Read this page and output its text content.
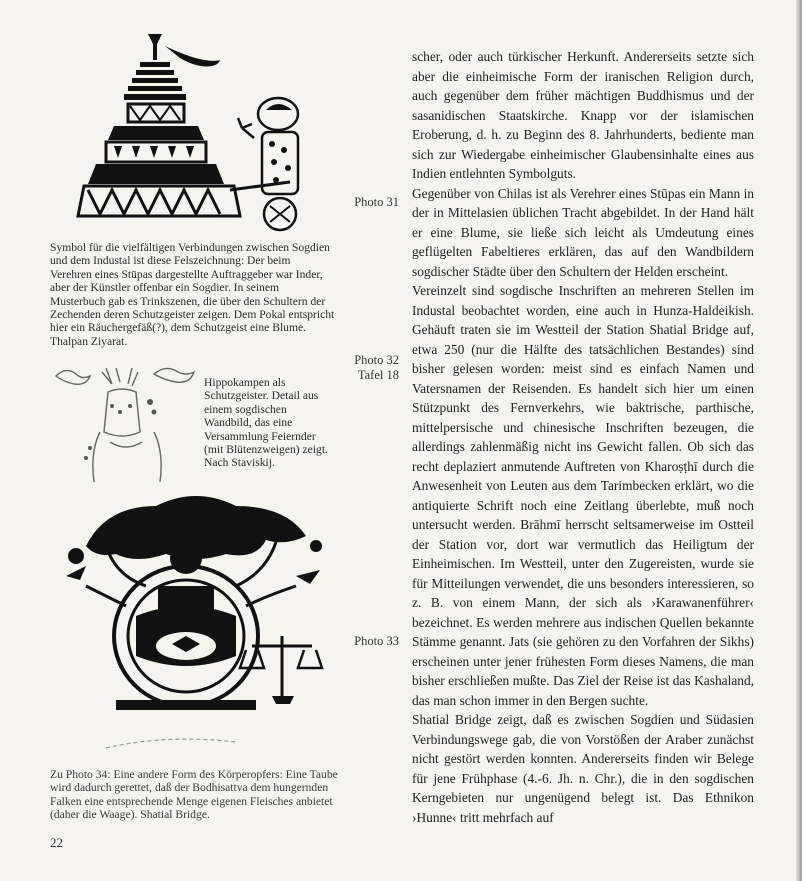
Symbol für die vielfältigen Verbindungen zwischen Sogdien und dem Industal ist diese Felszeichnung: Der beim Verehren eines Stūpas dargestellte Auftraggeber war Inder, aber der Künstler offenbar ein Sogdier. In seinem Musterbuch gab es Trinkszenen, die über den Schultern der Zechenden deren Schutzgeister zeigen. Dem Pokal entspricht hier ein Räuchergefäß(?), dem Schutzgeist eine Blume. Thalpan Ziyarat.
Hippokampen als Schutzgeister. Detail aus einem sogdischen Wandbild, das eine Versammlung Feiernder (mit Blütenzweigen) zeigt. Nach Staviskij.
Zu Photo 34: Eine andere Form des Körperopfers: Eine Taube wird dadurch gerettet, daß der Bodhisattva dem hungernden Falken eine entsprechende Menge eigenen Fleisches anbietet (daher die Waage). Shatial Bridge.
22
Photo 31
Photo 32
Tafel 18
Photo 33

scher, oder auch türkischer Herkunft. Andererseits setzte sich aber die einheimische Form der iranischen Religion durch, auch gegenüber dem früher mächtigen Buddhismus und der sasanidischen Staatskirche. Knapp vor der islamischen Eroberung, d. h. zu Beginn des 8. Jahrhunderts, bediente man sich zur Wiedergabe einheimischer Glaubensinhalte eines aus Indien entlehnten Symbolguts.

Gegenüber von Chilas ist als Verehrer eines Stūpas ein Mann in der in Mittelasien üblichen Tracht abgebildet. In der Hand hält er eine Blume, sie ließe sich leicht als Umdeutung eines geflügelten Fabeltieres erklären, das auf den Wandbildern sogdischer Städte über den Schultern der Helden erscheint.

Vereinzelt sind sogdische Inschriften an mehreren Stellen im Industal beobachtet worden, eine auch in Hunza-Haldeikish. Gehäuft traten sie im Westteil der Station Shatial Bridge auf, etwa 250 (nur die Hälfte des tatsächlichen Bestandes) sind bisher gelesen worden: meist sind es einfach Namen und Vatersnamen der Reisenden. Es handelt sich hier um einen Stützpunkt des Fernverkehrs, wie baktrische, parthische, mittelpersische und chinesische Inschriften bezeugen, die allerdings zahlenmäßig nicht ins Gewicht fallen. Ob sich das recht deplaziert anmutende Auftreten von Kharoṣṭhī durch die Anwesenheit von Leuten aus dem Tarimbecken erklärt, wo die antiquierte Schrift noch eine Zeitlang überlebte, muß noch untersucht werden. Brāhmī herrscht seltsamerweise im Ostteil der Station vor, dort war vermutlich das Heiligtum der Einheimischen. Im Westteil, unter den Zugereisten, wurde sie für Mitteilungen verwendet, die uns besonders interessieren, so z. B. von einem Mann, der sich als ›Karawanenführer‹ bezeichnet. Es werden mehrere aus indischen Quellen bekannte Stämme genannt. Jats (sie gehören zu den Vorfahren der Sikhs) erscheinen unter jener frühesten Form dieses Namens, die man bisher erschließen mußte. Das Ziel der Reise ist das Kashaland, das man schon immer in den Bergen suchte.

Shatial Bridge zeigt, daß es zwischen Sogdien und Südasien Verbindungswege gab, die von Vorstößen der Araber zunächst nicht gestört werden konnten. Andererseits finden wir Belege für jene Frühphase (4.-6. Jh. n. Chr.), die in den sogdischen Kerngebieten nur ungenügend belegt ist. Das Ethnikon ›Hunne‹ tritt mehrfach auf
